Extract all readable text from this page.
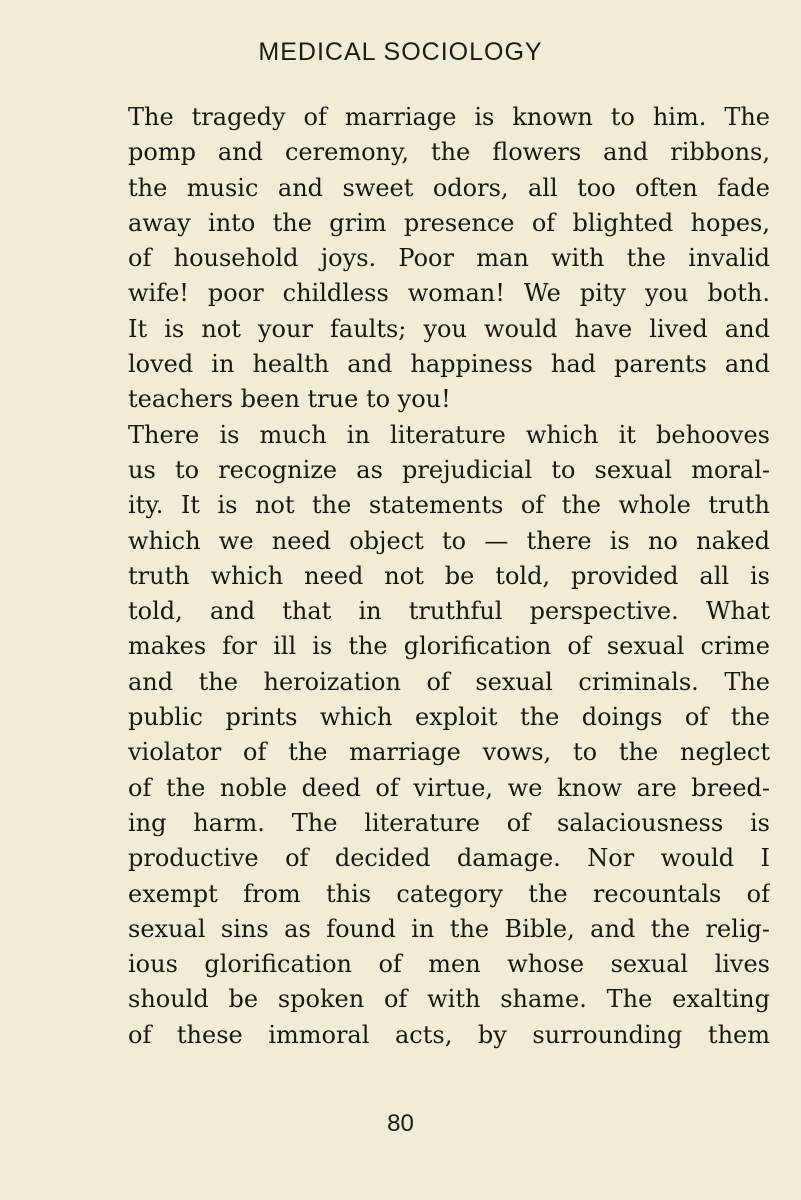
MEDICAL SOCIOLOGY
The tragedy of marriage is known to him. The
pomp and ceremony, the flowers and ribbons,
the music and sweet odors, all too often fade
away into the grim presence of blighted hopes,
of household joys. Poor man with the invalid
wife! poor childless woman! We pity you both.
It is not your faults; you would have lived and
loved in health and happiness had parents and
teachers been true to you!
There is much in literature which it behooves
us to recognize as prejudicial to sexual moral-
ity. It is not the statements of the whole truth
which we need object to — there is no naked
truth which need not be told, provided all is
told, and that in truthful perspective. What
makes for ill is the glorification of sexual crime
and the heroization of sexual criminals. The
public prints which exploit the doings of the
violator of the marriage vows, to the neglect
of the noble deed of virtue, we know are breed-
ing harm. The literature of salaciousness is
productive of decided damage. Nor would I
exempt from this category the recountals of
sexual sins as found in the Bible, and the relig-
ious glorification of men whose sexual lives
should be spoken of with shame. The exalting
of these immoral acts, by surrounding them
80
